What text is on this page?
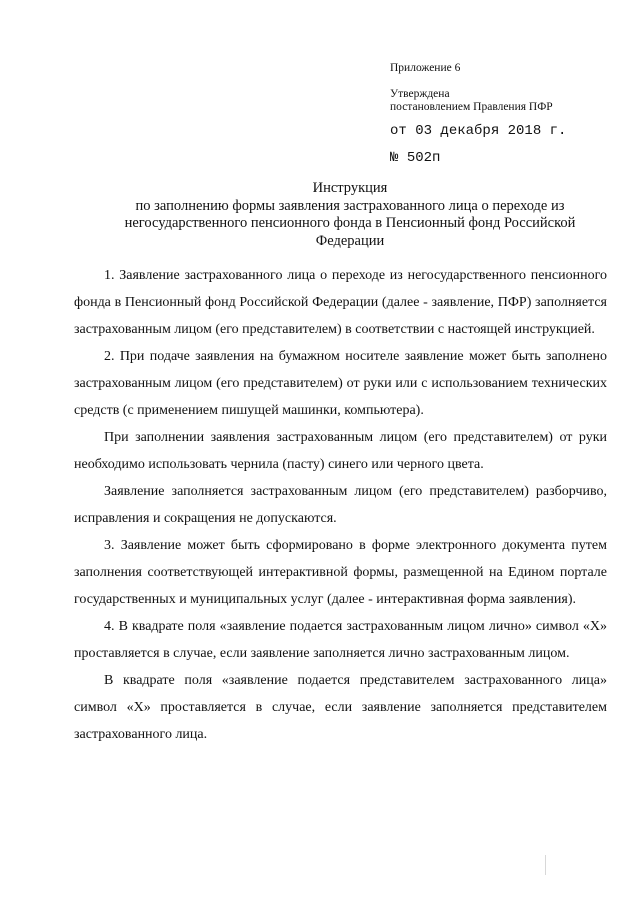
Приложение 6
Утверждена
постановлением Правления ПФР
от 03 декабря 2018 г.
№ 502п
Инструкция
по заполнению формы заявления застрахованного лица о переходе из
негосударственного пенсионного фонда в Пенсионный фонд Российской
Федерации

1. Заявление застрахованного лица о переходе из негосударственного пенсионного фонда в Пенсионный фонд Российской Федерации (далее - заявление, ПФР) заполняется застрахованным лицом (его представителем) в соответствии с настоящей инструкцией.

2. При подаче заявления на бумажном носителе заявление может быть заполнено застрахованным лицом (его представителем) от руки или с использованием технических средств (с применением пишущей машинки, компьютера).

При заполнении заявления застрахованным лицом (его представителем) от руки необходимо использовать чернила (пасту) синего или черного цвета.

Заявление заполняется застрахованным лицом (его представителем) разборчиво, исправления и сокращения не допускаются.

3. Заявление может быть сформировано в форме электронного документа путем заполнения соответствующей интерактивной формы, размещенной на Едином портале государственных и муниципальных услуг (далее - интерактивная форма заявления).

4. В квадрате поля «заявление подается застрахованным лицом лично» символ «Х» проставляется в случае, если заявление заполняется лично застрахованным лицом.

В квадрате поля «заявление подается представителем застрахованного лица» символ «Х» проставляется в случае, если заявление заполняется представителем застрахованного лица.
